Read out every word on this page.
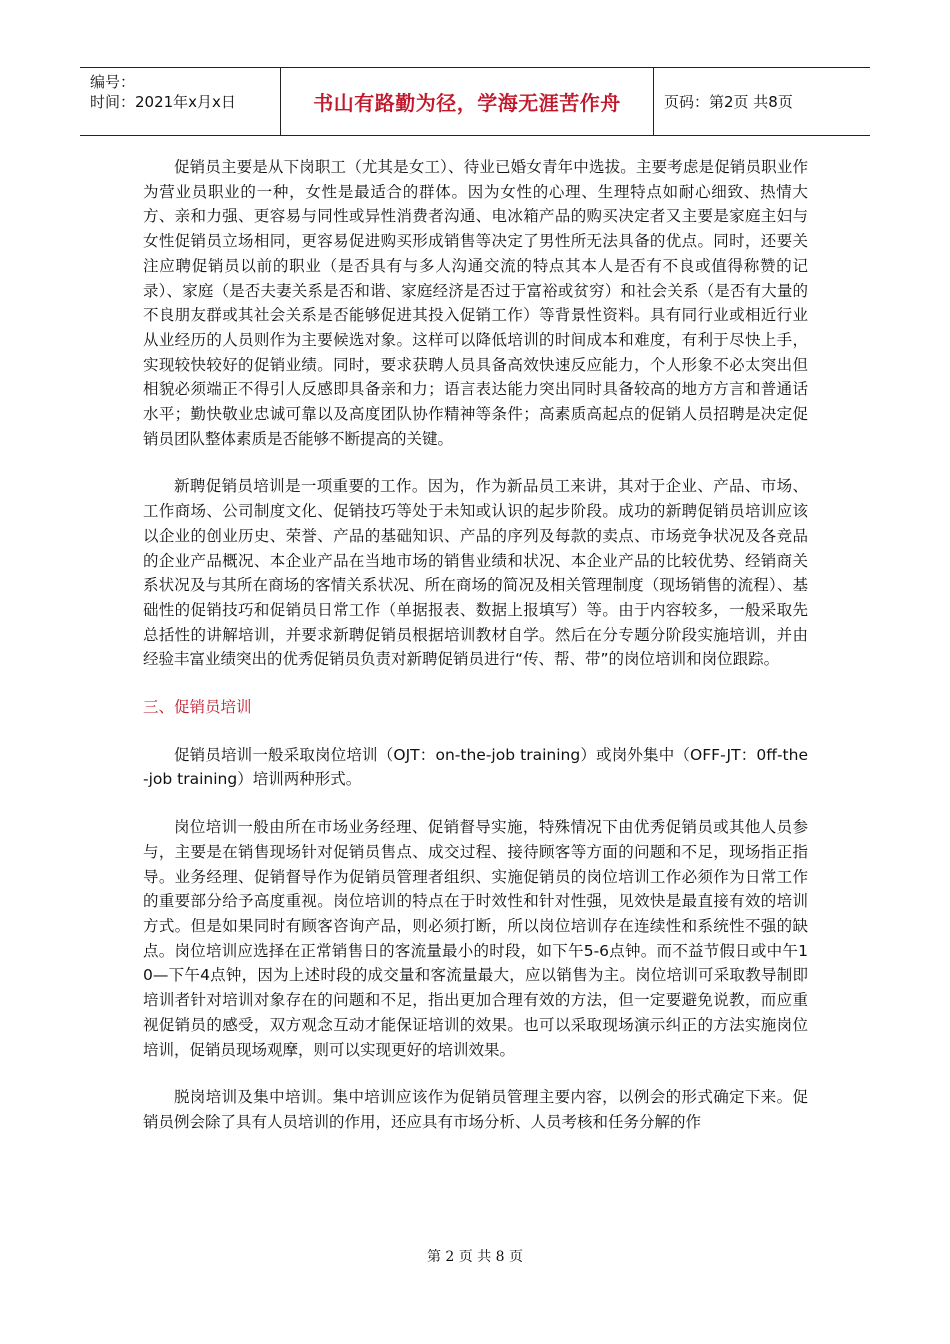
编号：
时间：2021年x月x日	书山有路勤为径，学海无涯苦作舟	页码：第2页 共8页

促销员主要是从下岗职工（尤其是女工）、待业已婚女青年中选拔。主要考虑是促销员职业作为营业员职业的一种，女性是最适合的群体。因为女性的心理、生理特点如耐心细致、热情大方、亲和力强、更容易与同性或异性消费者沟通、电冰箱产品的购买决定者又主要是家庭主妇与女性促销员立场相同，更容易促进购买形成销售等决定了男性所无法具备的优点。同时，还要关注应聘促销员以前的职业（是否具有与多人沟通交流的特点其本人是否有不良或值得称赞的记录）、家庭（是否夫妻关系是否和谐、家庭经济是否过于富裕或贫穷）和社会关系（是否有大量的不良朋友群或其社会关系是否能够促进其投入促销工作）等背景性资料。具有同行业或相近行业从业经历的人员则作为主要候选对象。这样可以降低培训的时间成本和难度，有利于尽快上手，实现较快较好的促销业绩。同时，要求获聘人员具备高效快速反应能力，个人形象不必太突出但相貌必须端正不得引人反感即具备亲和力；语言表达能力突出同时具备较高的地方方言和普通话水平；勤快敬业忠诚可靠以及高度团队协作精神等条件；高素质高起点的促销人员招聘是决定促销员团队整体素质是否能够不断提高的关键。

新聘促销员培训是一项重要的工作。因为，作为新品员工来讲，其对于企业、产品、市场、工作商场、公司制度文化、促销技巧等处于未知或认识的起步阶段。成功的新聘促销员培训应该以企业的创业历史、荣誉、产品的基础知识、产品的序列及每款的卖点、市场竞争状况及各竞品的企业产品概况、本企业产品在当地市场的销售业绩和状况、本企业产品的比较优势、经销商关系状况及与其所在商场的客情关系状况、所在商场的简况及相关管理制度（现场销售的流程）、基础性的促销技巧和促销员日常工作（单据报表、数据上报填写）等。由于内容较多，一般采取先总括性的讲解培训，并要求新聘促销员根据培训教材自学。然后在分专题分阶段实施培训，并由经验丰富业绩突出的优秀促销员负责对新聘促销员进行“传、帮、带”的岗位培训和岗位跟踪。

三、促销员培训

促销员培训一般采取岗位培训（OJT：on-the-job training）或岗外集中（OFF-JT：0ff-the-job training）培训两种形式。

岗位培训一般由所在市场业务经理、促销督导实施，特殊情况下由优秀促销员或其他人员参与，主要是在销售现场针对促销员售点、成交过程、接待顾客等方面的问题和不足，现场指正指导。业务经理、促销督导作为促销员管理者组织、实施促销员的岗位培训工作必须作为日常工作的重要部分给予高度重视。岗位培训的特点在于时效性和针对性强，见效快是最直接有效的培训方式。但是如果同时有顾客咨询产品，则必须打断，所以岗位培训存在连续性和系统性不强的缺点。岗位培训应选择在正常销售日的客流量最小的时段，如下午5-6点钟。而不益节假日或中午10—下午4点钟，因为上述时段的成交量和客流量最大，应以销售为主。岗位培训可采取教导制即培训者针对培训对象存在的问题和不足，指出更加合理有效的方法，但一定要避免说教，而应重视促销员的感受，双方观念互动才能保证培训的效果。也可以采取现场演示纠正的方法实施岗位培训，促销员现场观摩，则可以实现更好的培训效果。

脱岗培训及集中培训。集中培训应该作为促销员管理主要内容，以例会的形式确定下来。促销员例会除了具有人员培训的作用，还应具有市场分析、人员考核和任务分解的作

第 2 页 共 8 页
